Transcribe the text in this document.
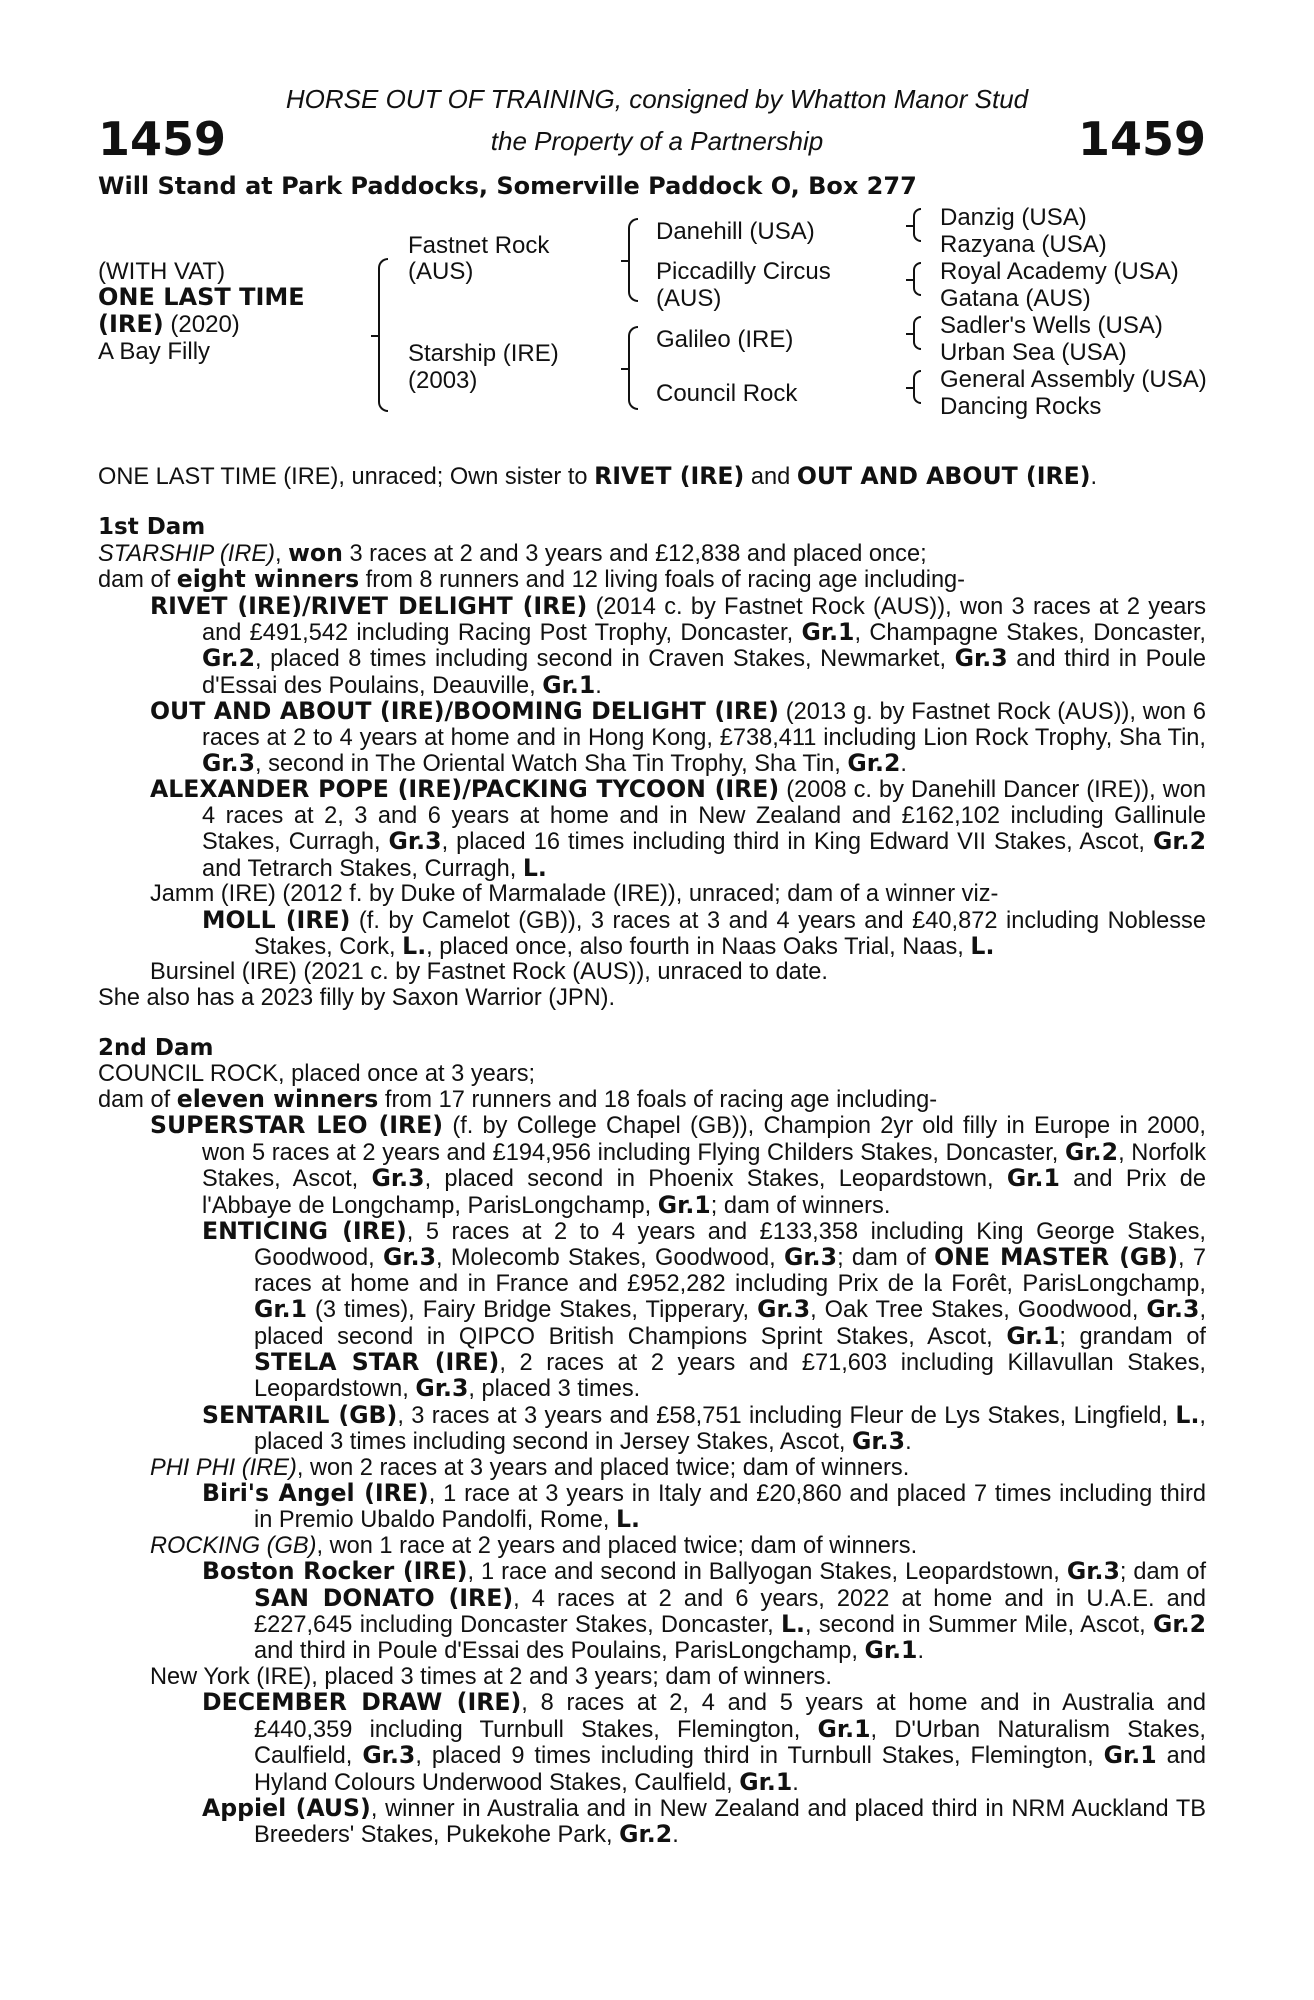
1459	1459
HORSE OUT OF TRAINING, consigned by Whatton Manor Stud
the Property of a Partnership
Will Stand at Park Paddocks, Somerville Paddock O, Box 277
(WITH VAT)
ONE LAST TIME
(IRE) (2020)
A Bay Filly
Fastnet Rock
(AUS)
Starship (IRE)
(2003)
Danehill (USA)
Piccadilly Circus
(AUS)
Galileo (IRE)
Council Rock
Danzig (USA)
Razyana (USA)
Royal Academy (USA)
Gatana (AUS)
Sadler's Wells (USA)
Urban Sea (USA)
General Assembly (USA)
Dancing Rocks

ONE LAST TIME (IRE), unraced; Own sister to RIVET (IRE) and OUT AND ABOUT (IRE).

1st Dam

STARSHIP (IRE), won 3 races at 2 and 3 years and £12,838 and placed once;

dam of eight winners from 8 runners and 12 living foals of racing age including-

RIVET (IRE)/RIVET DELIGHT (IRE) (2014 c. by Fastnet Rock (AUS)), won 3 races at 2 years and £491,542 including Racing Post Trophy, Doncaster, Gr.1, Champagne Stakes, Doncaster, Gr.2, placed 8 times including second in Craven Stakes, Newmarket, Gr.3 and third in Poule d'Essai des Poulains, Deauville, Gr.1.

OUT AND ABOUT (IRE)/BOOMING DELIGHT (IRE) (2013 g. by Fastnet Rock (AUS)), won 6 races at 2 to 4 years at home and in Hong Kong, £738,411 including Lion Rock Trophy, Sha Tin, Gr.3, second in The Oriental Watch Sha Tin Trophy, Sha Tin, Gr.2.

ALEXANDER POPE (IRE)/PACKING TYCOON (IRE) (2008 c. by Danehill Dancer (IRE)), won 4 races at 2, 3 and 6 years at home and in New Zealand and £162,102 including Gallinule Stakes, Curragh, Gr.3, placed 16 times including third in King Edward VII Stakes, Ascot, Gr.2 and Tetrarch Stakes, Curragh, L.

Jamm (IRE) (2012 f. by Duke of Marmalade (IRE)), unraced; dam of a winner viz-

MOLL (IRE) (f. by Camelot (GB)), 3 races at 3 and 4 years and £40,872 including Noblesse Stakes, Cork, L., placed once, also fourth in Naas Oaks Trial, Naas, L.

Bursinel (IRE) (2021 c. by Fastnet Rock (AUS)), unraced to date.

She also has a 2023 filly by Saxon Warrior (JPN).

2nd Dam

COUNCIL ROCK, placed once at 3 years;

dam of eleven winners from 17 runners and 18 foals of racing age including-

SUPERSTAR LEO (IRE) (f. by College Chapel (GB)), Champion 2yr old filly in Europe in 2000, won 5 races at 2 years and £194,956 including Flying Childers Stakes, Doncaster, Gr.2, Norfolk Stakes, Ascot, Gr.3, placed second in Phoenix Stakes, Leopardstown, Gr.1 and Prix de l'Abbaye de Longchamp, ParisLongchamp, Gr.1; dam of winners.

ENTICING (IRE), 5 races at 2 to 4 years and £133,358 including King George Stakes, Goodwood, Gr.3, Molecomb Stakes, Goodwood, Gr.3; dam of ONE MASTER (GB), 7 races at home and in France and £952,282 including Prix de la Forêt, ParisLongchamp, Gr.1 (3 times), Fairy Bridge Stakes, Tipperary, Gr.3, Oak Tree Stakes, Goodwood, Gr.3, placed second in QIPCO British Champions Sprint Stakes, Ascot, Gr.1; grandam of STELA STAR (IRE), 2 races at 2 years and £71,603 including Killavullan Stakes, Leopardstown, Gr.3, placed 3 times.

SENTARIL (GB), 3 races at 3 years and £58,751 including Fleur de Lys Stakes, Lingfield, L., placed 3 times including second in Jersey Stakes, Ascot, Gr.3.

PHI PHI (IRE), won 2 races at 3 years and placed twice; dam of winners.

Biri's Angel (IRE), 1 race at 3 years in Italy and £20,860 and placed 7 times including third in Premio Ubaldo Pandolfi, Rome, L.

ROCKING (GB), won 1 race at 2 years and placed twice; dam of winners.

Boston Rocker (IRE), 1 race and second in Ballyogan Stakes, Leopardstown, Gr.3; dam of SAN DONATO (IRE), 4 races at 2 and 6 years, 2022 at home and in U.A.E. and £227,645 including Doncaster Stakes, Doncaster, L., second in Summer Mile, Ascot, Gr.2 and third in Poule d'Essai des Poulains, ParisLongchamp, Gr.1.

New York (IRE), placed 3 times at 2 and 3 years; dam of winners.

DECEMBER DRAW (IRE), 8 races at 2, 4 and 5 years at home and in Australia and £440,359 including Turnbull Stakes, Flemington, Gr.1, D'Urban Naturalism Stakes, Caulfield, Gr.3, placed 9 times including third in Turnbull Stakes, Flemington, Gr.1 and Hyland Colours Underwood Stakes, Caulfield, Gr.1.

Appiel (AUS), winner in Australia and in New Zealand and placed third in NRM Auckland TB Breeders' Stakes, Pukekohe Park, Gr.2.
